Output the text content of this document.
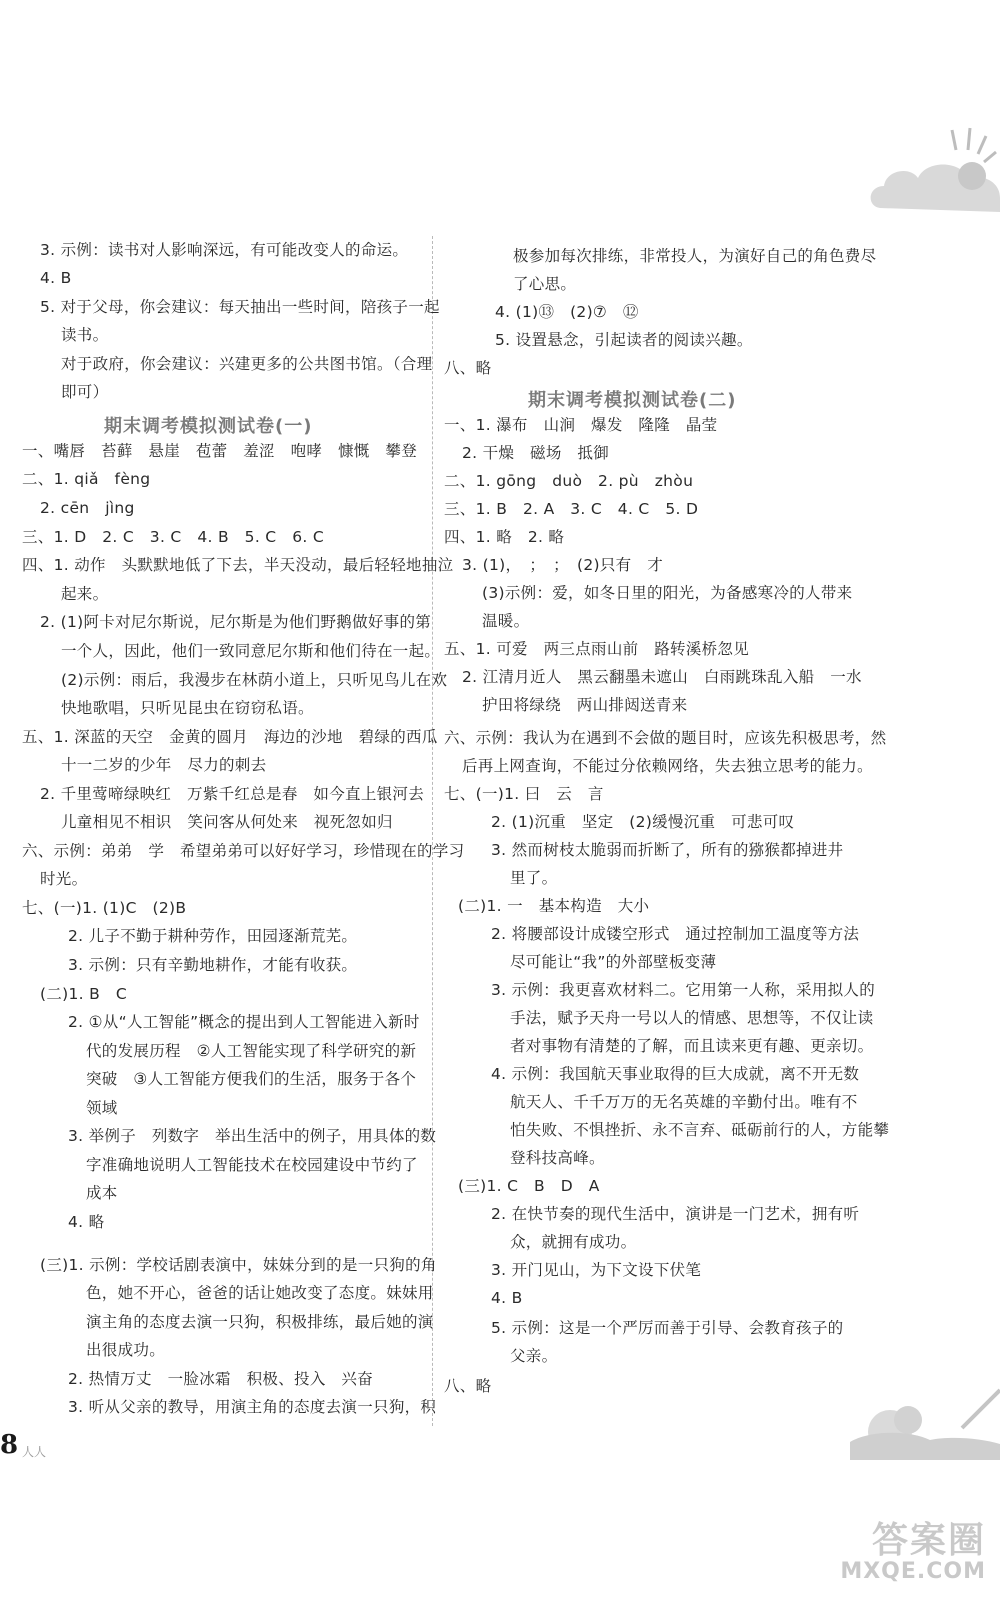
3. 示例：读书对人影响深远，有可能改变人的命运。
4. B
5. 对于父母，你会建议：每天抽出一些时间，陪孩子一起
读书。
对于政府，你会建议：兴建更多的公共图书馆。（合理
即可）
期末调考模拟测试卷(一)
一、嘴唇　苔藓　悬崖　苞蕾　羞涩　咆哮　慷慨　攀登
二、1. qiǎ　fèng
2. cēn　jìng
三、1. D　2. C　3. C　4. B　5. C　6. C
四、1. 动作　头默默地低了下去，半天没动，最后轻轻地抽泣
起来。
2. (1)阿卡对尼尔斯说，尼尔斯是为他们野鹅做好事的第
一个人，因此，他们一致同意尼尔斯和他们待在一起。
(2)示例：雨后，我漫步在林荫小道上，只听见鸟儿在欢
快地歌唱，只听见昆虫在窃窃私语。
五、1. 深蓝的天空　金黄的圆月　海边的沙地　碧绿的西瓜
十一二岁的少年　尽力的刺去
2. 千里莺啼绿映红　万紫千红总是春　如今直上银河去
儿童相见不相识　笑问客从何处来　视死忽如归
六、示例：弟弟　学　希望弟弟可以好好学习，珍惜现在的学习
时光。
七、(一)1. (1)C　(2)B
2. 儿子不勤于耕种劳作，田园逐渐荒芜。
3. 示例：只有辛勤地耕作，才能有收获。
(二)1. B　C
2. ①从“人工智能”概念的提出到人工智能进入新时
代的发展历程　②人工智能实现了科学研究的新
突破　③人工智能方便我们的生活，服务于各个
领域
3. 举例子　列数字　举出生活中的例子，用具体的数
字准确地说明人工智能技术在校园建设中节约了
成本
4. 略
(三)1. 示例：学校话剧表演中，妹妹分到的是一只狗的角
色，她不开心，爸爸的话让她改变了态度。妹妹用
演主角的态度去演一只狗，积极排练，最后她的演
出很成功。
2. 热情万丈　一脸冰霜　积极、投入　兴奋
3. 听从父亲的教导，用演主角的态度去演一只狗，积
极参加每次排练，非常投人，为演好自己的角色费尽
了心思。
4. (1)⑬　(2)⑦　⑫
5. 设置悬念，引起读者的阅读兴趣。
八、略
期末调考模拟测试卷(二)
一、1. 瀑布　山涧　爆发　隆隆　晶莹
2. 干燥　磁场　抵御
二、1. gōng　duò　2. pù　zhòu
三、1. B　2. A　3. C　4. C　5. D
四、1. 略　2. 略
3. (1)，　；　；　(2)只有　才
(3)示例：爱，如冬日里的阳光，为备感寒冷的人带来
温暖。
五、1. 可爱　两三点雨山前　路转溪桥忽见
2. 江清月近人　黑云翻墨未遮山　白雨跳珠乱入船　一水
护田将绿绕　两山排闼送青来
六、示例：我认为在遇到不会做的题目时，应该先积极思考，然
后再上网查询，不能过分依赖网络，失去独立思考的能力。
七、(一)1. 曰　云　言
2. (1)沉重　坚定　(2)缓慢沉重　可悲可叹
3. 然而树枝太脆弱而折断了，所有的猕猴都掉进井
里了。
(二)1. 一　基本构造　大小
2. 将腰部设计成镂空形式　通过控制加工温度等方法
尽可能让“我”的外部壁板变薄
3. 示例：我更喜欢材料二。它用第一人称，采用拟人的
手法，赋予天舟一号以人的情感、思想等，不仅让读
者对事物有清楚的了解，而且读来更有趣、更亲切。
4. 示例：我国航天事业取得的巨大成就，离不开无数
航天人、千千万万的无名英雄的辛勤付出。唯有不
怕失败、不惧挫折、永不言弃、砥砺前行的人，方能攀
登科技高峰。
(三)1. C　B　D　A
2. 在快节奏的现代生活中，演讲是一门艺术，拥有听
众，就拥有成功。
3. 开门见山，为下文设下伏笔
4. B
5. 示例：这是一个严厉而善于引导、会教育孩子的
父亲。
八、略
8 人人
答案圈
MXQE.COM
